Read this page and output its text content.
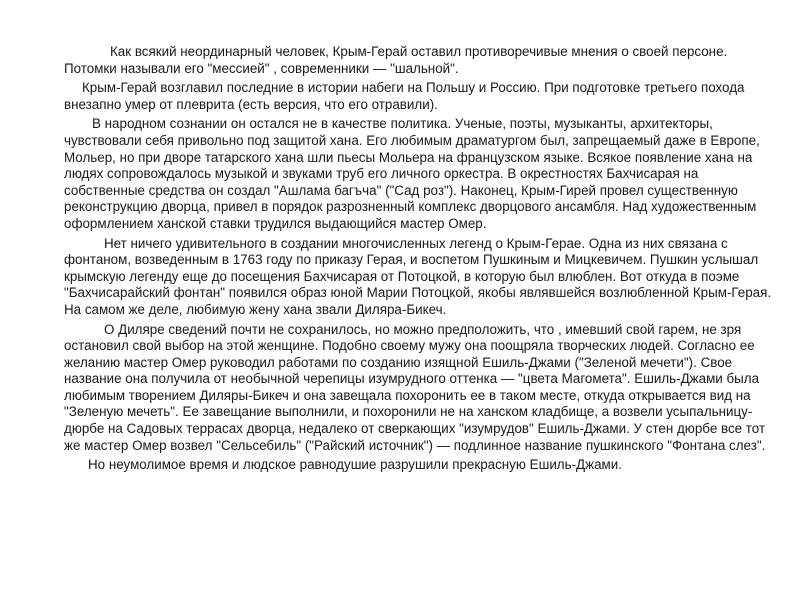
Как всякий неординарный человек, Крым-Герай оставил противоречивые мнения о своей персоне. Потомки называли его "мессией" , современники — "шальной".

Крым-Герай возглавил последние в истории набеги на Польшу и Россию. При подготовке третьего похода внезапно умер от плеврита (есть версия, что его отравили).

В народном сознании он остался не в качестве политика. Ученые, поэты, музыканты, архитекторы, чувствовали себя привольно под защитой хана. Его любимым драматургом был, запрещаемый даже в Европе, Мольер, но при дворе татарского хана шли пьесы Мольера на французском языке. Всякое появление хана на людях сопровождалось музыкой и звуками труб его личного оркестра. В окрестностях Бахчисарая на собственные средства он создал "Ашлама багъча" ("Сад роз"). Наконец, Крым-Гирей провел существенную реконструкцию дворца, привел в порядок разрозненный комплекс дворцового ансамбля. Над художественным оформлением ханской ставки трудился выдающийся мастер Омер.

Нет ничего удивительного в создании многочисленных легенд о Крым-Герае. Одна из них связана с фонтаном, возведенным в 1763 году по приказу Герая, и воспетом Пушкиным и Мицкевичем. Пушкин услышал крымскую легенду еще до посещения Бахчисарая от Потоцкой, в которую был влюблен. Вот откуда в поэме "Бахчисарайский фонтан" появился образ юной Марии Потоцкой, якобы являвшейся возлюбленной Крым-Герая. На самом же деле, любимую жену хана звали Диляра-Бикеч.

О Диляре сведений почти не сохранилось, но можно предположить, что , имевший свой гарем, не зря остановил свой выбор на этой женщине. Подобно своему мужу она поощряла творческих людей. Согласно ее желанию мастер Омер руководил работами по созданию изящной Ешиль-Джами ("Зеленой мечети"). Свое название она получила от необычной черепицы изумрудного оттенка — "цвета Магомета". Ешиль-Джами была любимым творением Диляры-Бикеч и она завещала похоронить ее в таком месте, откуда открывается вид на "Зеленую мечеть". Ее завещание выполнили, и похоронили не на ханском кладбище, а возвели усыпальницу-дюрбе на Садовых террасах дворца, недалеко от сверкающих "изумрудов" Ешиль-Джами. У стен дюрбе все тот же мастер Омер возвел "Сельсебиль" ("Райский источник") — подлинное название пушкинского "Фонтана слез".

Но неумолимое время и людское равнодушие разрушили прекрасную Ешиль-Джами.
